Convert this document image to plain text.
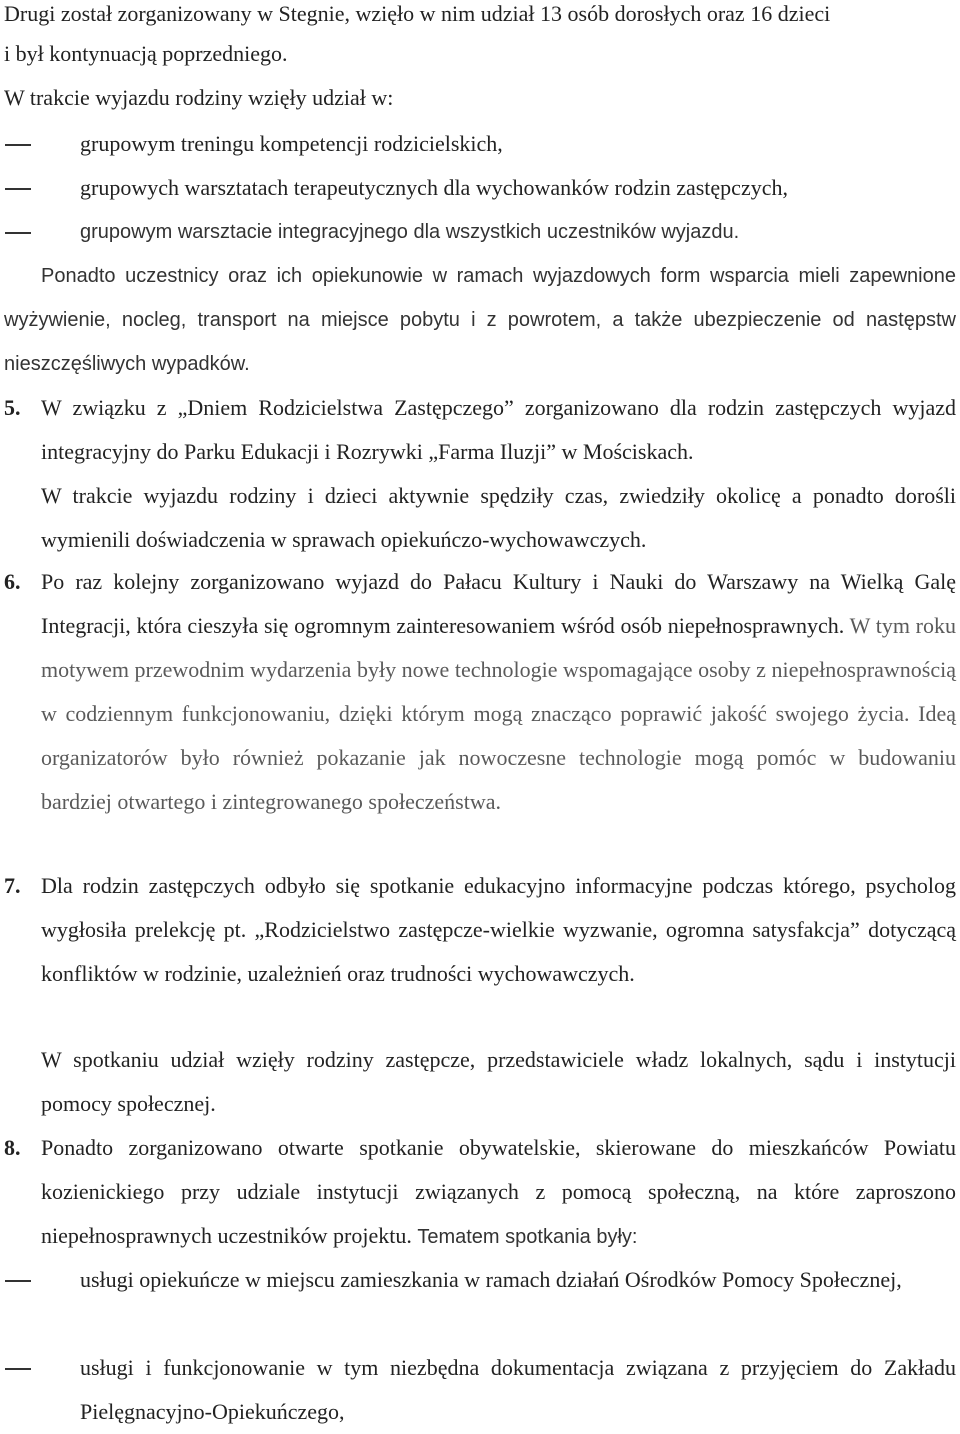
Drugi został zorganizowany w Stegnie, wzięło w nim udział 13 osób dorosłych oraz 16 dzieci

i był kontynuacją poprzedniego.

W trakcie wyjazdu rodziny wzięły udział w:

grupowym treningu kompetencji rodzicielskich,
grupowych warsztatach terapeutycznych dla wychowanków rodzin zastępczych,
grupowym warsztacie integracyjnego dla wszystkich uczestników wyjazdu.

Ponadto uczestnicy oraz ich opiekunowie w ramach wyjazdowych form wsparcia mieli zapewnione wyżywienie, nocleg, transport na miejsce pobytu i z powrotem, a także ubezpieczenie od następstw nieszczęśliwych wypadków.

5. W związku z „Dniem Rodzicielstwa Zastępczego” zorganizowano dla rodzin zastępczych wyjazd integracyjny do Parku Edukacji i Rozrywki „Farma Iluzji” w Mościskach.

W trakcie wyjazdu rodziny i dzieci aktywnie spędziły czas, zwiedziły okolicę a ponadto dorośli wymienili doświadczenia w sprawach opiekuńczo-wychowawczych.

6. Po raz kolejny zorganizowano wyjazd do Pałacu Kultury i Nauki do Warszawy na Wielką Galę Integracji, która cieszyła się ogromnym zainteresowaniem wśród osób niepełnosprawnych. W tym roku motywem przewodnim wydarzenia były nowe technologie wspomagające osoby z niepełnosprawnością w codziennym funkcjonowaniu, dzięki którym mogą znacząco poprawić jakość swojego życia. Ideą organizatorów było również pokazanie jak nowoczesne technologie mogą pomóc w budowaniu bardziej otwartego i zintegrowanego społeczeństwa.

7. Dla rodzin zastępczych odbyło się spotkanie edukacyjno informacyjne podczas którego, psycholog wygłosiła prelekcję pt. „Rodzicielstwo zastępcze-wielkie wyzwanie, ogromna satysfakcja” dotyczącą konfliktów w rodzinie, uzależnień oraz trudności wychowawczych.

W spotkaniu udział wzięły rodziny zastępcze, przedstawiciele władz lokalnych, sądu i instytucji pomocy społecznej.

8. Ponadto zorganizowano otwarte spotkanie obywatelskie, skierowane do mieszkańców Powiatu kozienickiego przy udziale instytucji związanych z pomocą społeczną, na które zaproszono niepełnosprawnych uczestników projektu. Tematem spotkania były:

usługi opiekuńcze w miejscu zamieszkania w ramach działań Ośrodków Pomocy Społecznej,
usługi i funkcjonowanie w tym niezbędna dokumentacja związana z przyjęciem do Zakładu Pielęgnacyjno-Opiekuńczego,
